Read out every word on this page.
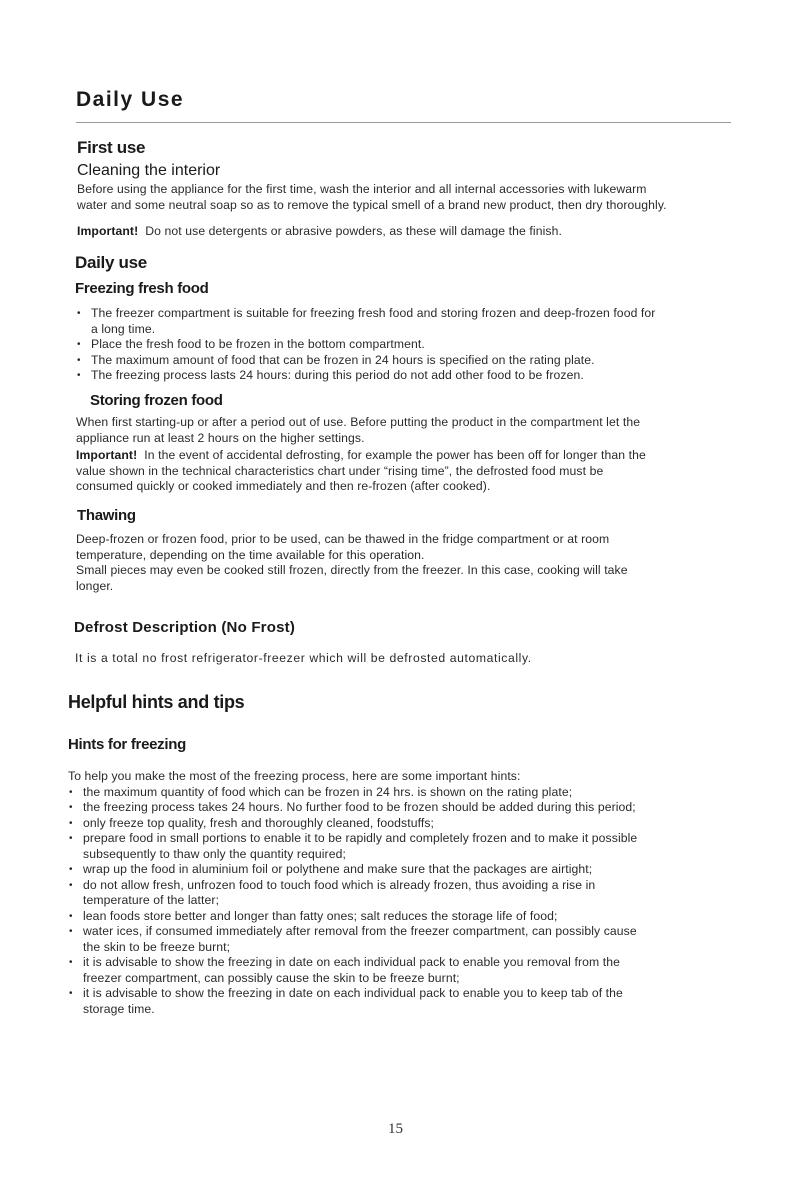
Daily Use
First use
Cleaning the interior
Before using the appliance for the first time, wash the interior and all internal accessories with lukewarm
water and some neutral soap so as to remove the typical smell of a brand new product, then dry thoroughly.
Important! Do not use detergents or abrasive powders, as these will damage the finish.
Daily use
Freezing fresh food
• The freezer compartment is suitable for freezing fresh food and storing frozen and deep-frozen food for
a long time.
• Place the fresh food to be frozen in the bottom compartment.
• The maximum amount of food that can be frozen in 24 hours is specified on the rating plate.
• The freezing process lasts 24 hours: during this period do not add other food to be frozen.
Storing frozen food
When first starting-up or after a period out of use. Before putting the product in the compartment let the
appliance run at least 2 hours on the higher settings.
Important! In the event of accidental defrosting, for example the power has been off for longer than the
value shown in the technical characteristics chart under “rising time”, the defrosted food must be
consumed quickly or cooked immediately and then re-frozen (after cooked).
Thawing
Deep-frozen or frozen food, prior to be used, can be thawed in the fridge compartment or at room
temperature, depending on the time available for this operation.
Small pieces may even be cooked still frozen, directly from the freezer. In this case, cooking will take
longer.
Defrost Description (No Frost)
It is a total no frost refrigerator-freezer which will be defrosted automatically.
Helpful hints and tips
Hints for freezing
To help you make the most of the freezing process, here are some important hints:
• the maximum quantity of food which can be frozen in 24 hrs. is shown on the rating plate;
• the freezing process takes 24 hours. No further food to be frozen should be added during this period;
• only freeze top quality, fresh and thoroughly cleaned, foodstuffs;
• prepare food in small portions to enable it to be rapidly and completely frozen and to make it possible
subsequently to thaw only the quantity required;
• wrap up the food in aluminium foil or polythene and make sure that the packages are airtight;
• do not allow fresh, unfrozen food to touch food which is already frozen, thus avoiding a rise in
temperature of the latter;
• lean foods store better and longer than fatty ones; salt reduces the storage life of food;
• water ices, if consumed immediately after removal from the freezer compartment, can possibly cause
the skin to be freeze burnt;
• it is advisable to show the freezing in date on each individual pack to enable you removal from the
freezer compartment, can possibly cause the skin to be freeze burnt;
• it is advisable to show the freezing in date on each individual pack to enable you to keep tab of the
storage time.
15
